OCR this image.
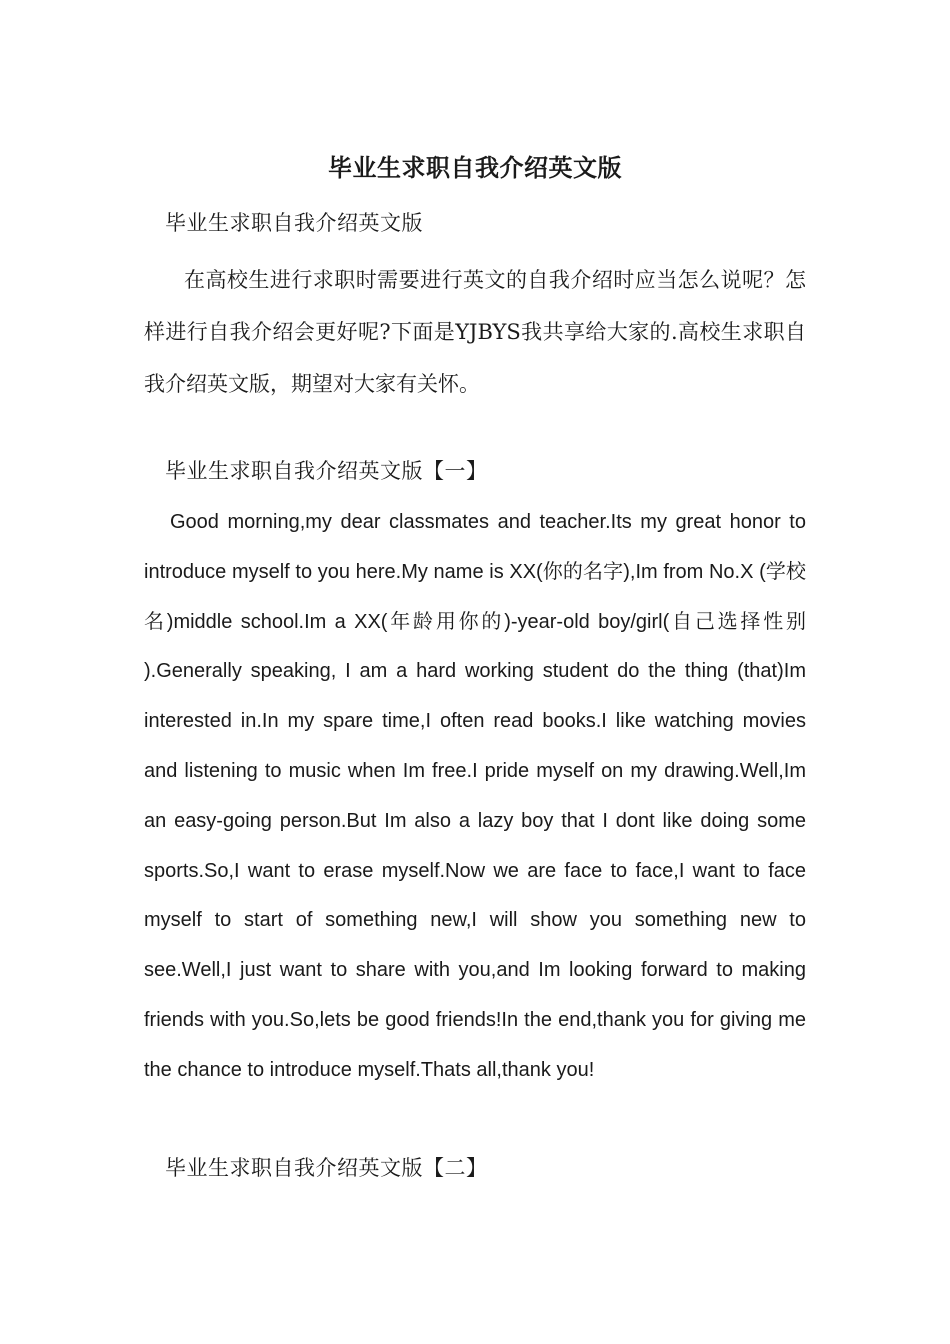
毕业生求职自我介绍英文版
毕业生求职自我介绍英文版

在高校生进行求职时需要进行英文的自我介绍时应当怎么说呢？怎样进行自我介绍会更好呢?下面是YJBYS我共享给大家的.高校生求职自我介绍英文版，期望对大家有关怀。

毕业生求职自我介绍英文版【一】

Good morning,my dear classmates and teacher.Its my great honor to introduce myself to you here.My name is XX(你的名字),Im from No.X (学校名)middle school.Im a XX(年龄用你的)-year-old boy/girl(自己选择性别 ).Generally speaking, I am a hard working student do the thing (that)Im interested in.In my spare time,I often read books.I like watching movies and listening to music when Im free.I pride myself on my drawing.Well,Im an easy-going person.But Im also a lazy boy that I dont like doing some sports.So,I want to erase myself.Now we are face to face,I want to face myself to start of something new,I will show you something new to see.Well,I just want to share with you,and Im looking forward to making friends with you.So,lets be good friends!In the end,thank you for giving me the chance to introduce myself.Thats all,thank you!

毕业生求职自我介绍英文版【二】
